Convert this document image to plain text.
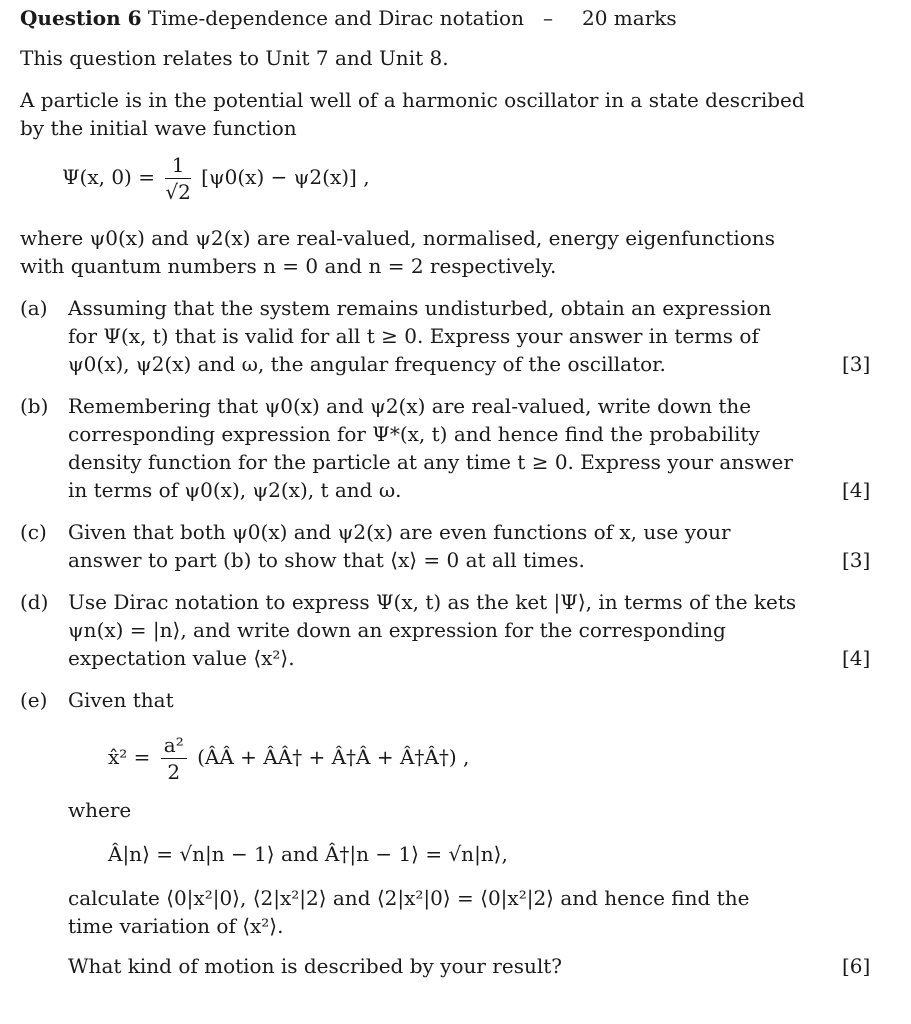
Question 6 Time-dependence and Dirac notation – 20 marks
This question relates to Unit 7 and Unit 8.
A particle is in the potential well of a harmonic oscillator in a state described
by the initial wave function
Ψ(x, $0) = \frac{1}{√2} [\psi 0(x) - \psi 2(x)]$ ,
where ψ0(x) and ψ2(x) are real-valued, normalised, energy eigenfunctions
with quantum numbers n = 0 and n = 2 respectively.
(a) Assuming that the system remains undisturbed, obtain an expression
for Ψ(x, t) that is valid for all t ≥ 0. Express your answer in terms of
ψ0(x), ψ2(x) and ω, the angular frequency of the oscillator.	[3]
(b) Remembering that ψ0(x) and ψ2(x) are real-valued, write down the
corresponding expression for Ψ*(x, t) and hence find the probability
density function for the particle at any time t ≥ 0. Express your answer
in terms of ψ0(x), ψ2(x), t and ω.	[4]
(c) Given that both ψ0(x) and ψ2(x) are even functions of x, use your
answer to part (b) to show that ⟨x⟩ = 0 at all times.	[3]
(d) Use Dirac notation to express Ψ(x, t) as the ket |Ψ⟩, in terms of the kets
ψn(x) = |n⟩, and write down an expression for the corresponding
expectation value ⟨x²⟩.	[4]
(e) Given that
x̂² = $\frac{\text{a²}}{2}$ (ÂÂ + ÂÂ† + Â†Â + Â†Â†) ,
where
Â|n⟩ = √n|n − 1⟩ and Â†|n − 1⟩ = √n|n⟩,
calculate ⟨0|x²|0⟩, ⟨2|x²|2⟩ and ⟨2|x²|0⟩ = ⟨0|x²|2⟩ and hence find the
time variation of ⟨x²⟩.
What kind of motion is described by your result?	[6]
